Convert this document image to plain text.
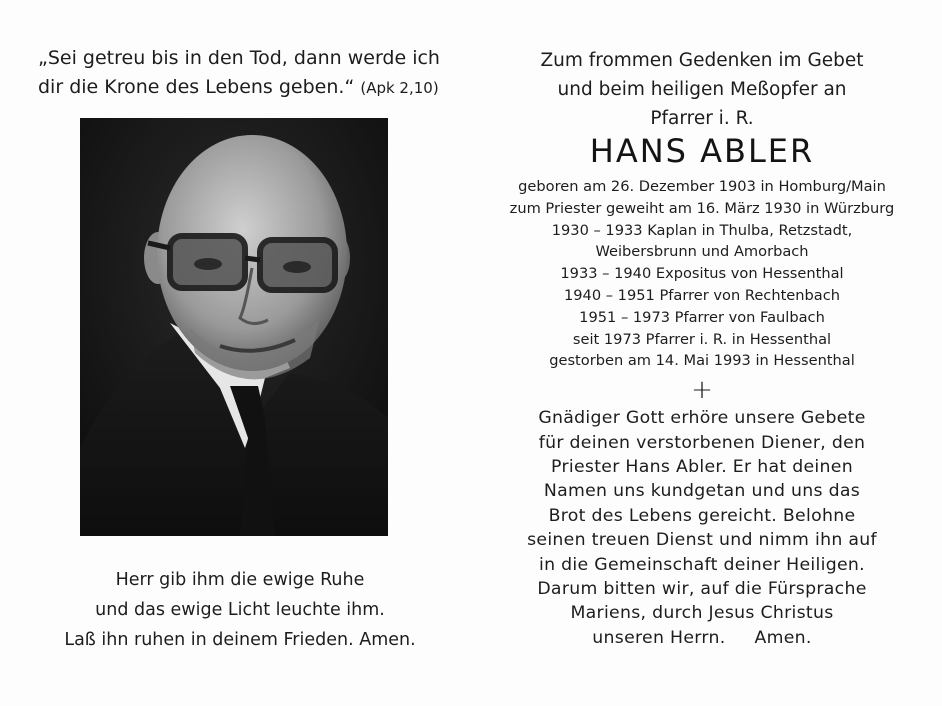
„Sei getreu bis in den Tod, dann werde ich
dir die Krone des Lebens geben.“ (Apk 2,10)
Herr gib ihm die ewige Ruhe
und das ewige Licht leuchte ihm.
Laß ihn ruhen in deinem Frieden. Amen.
Zum frommen Gedenken im Gebet
und beim heiligen Meßopfer an
Pfarrer i. R.
HANS ABLER
geboren am 26. Dezember 1903 in Homburg/Main
zum Priester geweiht am 16. März 1930 in Würzburg
1930 – 1933 Kaplan in Thulba, Retzstadt,
Weibersbrunn und Amorbach
1933 – 1940 Expositus von Hessenthal
1940 – 1951 Pfarrer von Rechtenbach
1951 – 1973 Pfarrer von Faulbach
seit 1973 Pfarrer i. R. in Hessenthal
gestorben am 14. Mai 1993 in Hessenthal
+
Gnädiger Gott erhöre unsere Gebete
für deinen verstorbenen Diener, den
Priester Hans Abler. Er hat deinen
Namen uns kundgetan und uns das
Brot des Lebens gereicht. Belohne
seinen treuen Dienst und nimm ihn auf
in die Gemeinschaft deiner Heiligen.
Darum bitten wir, auf die Fürsprache
Mariens, durch Jesus Christus
unseren Herrn.     Amen.
